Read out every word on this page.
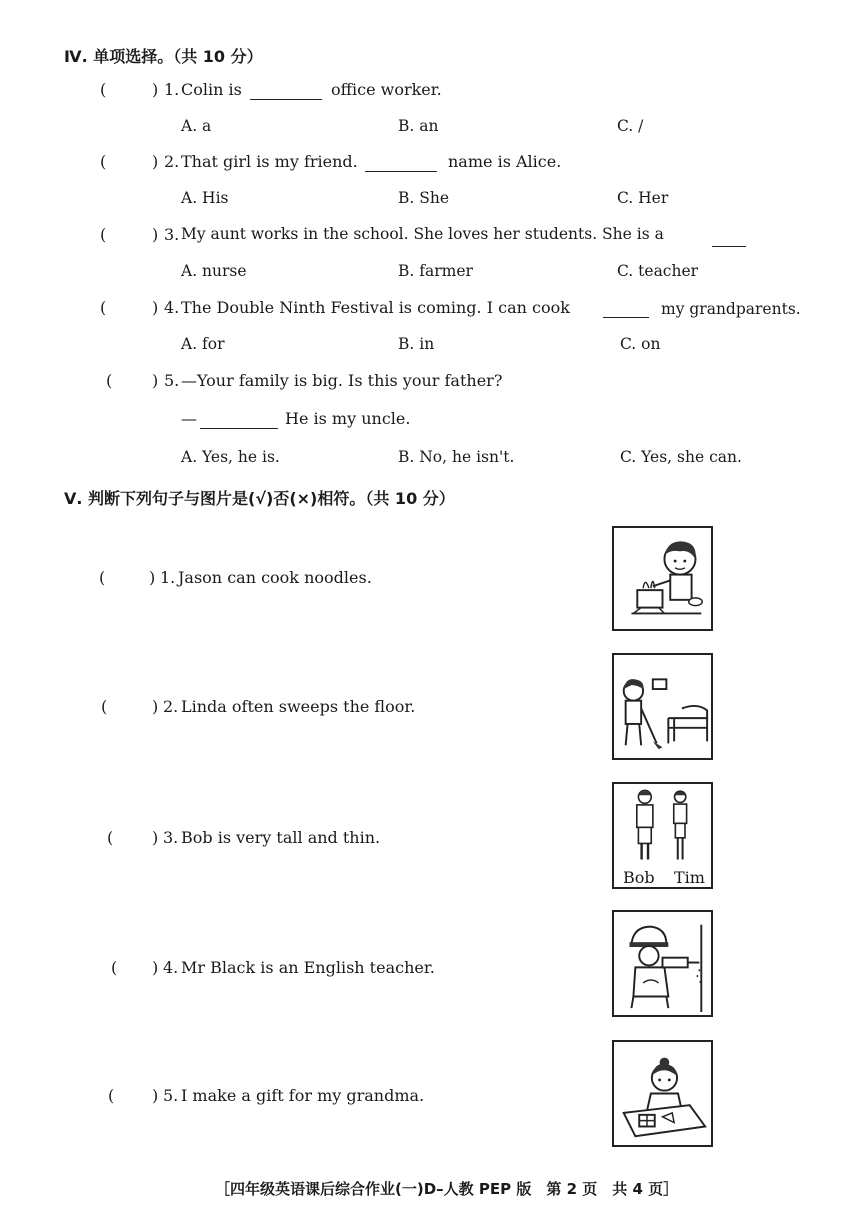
Ⅳ. 单项选择。（共 10 分）
(	) 1. Colin is	office worker.
A. a	B. an	C. /
(	) 2. That girl is my friend.	name is Alice.
A. His	B. She	C. Her
(	) 3. My aunt works in the school. She loves her students. She is a
A. nurse	B. farmer	C. teacher
(	) 4. The Double Ninth Festival is coming. I can cook	my grandparents.
A. for	B. in	C. on
( ) 5. —Your family is big. Is this your father?
—	He is my uncle.
A. Yes, he is.	B. No, he isn't.	C. Yes, she can.
Ⅴ. 判断下列句子与图片是(√)否(×)相符。（共 10 分）
(	) 1. Jason can cook noodles.
(	) 2. Linda often sweeps the floor.
( ) 3. Bob is very tall and thin.
Bob Tim
( ) 4. Mr Black is an English teacher.
( ) 5. I make a gift for my grandma.
［四年级英语课后综合作业(一)D–人教 PEP 版　第 2 页　共 4 页］
